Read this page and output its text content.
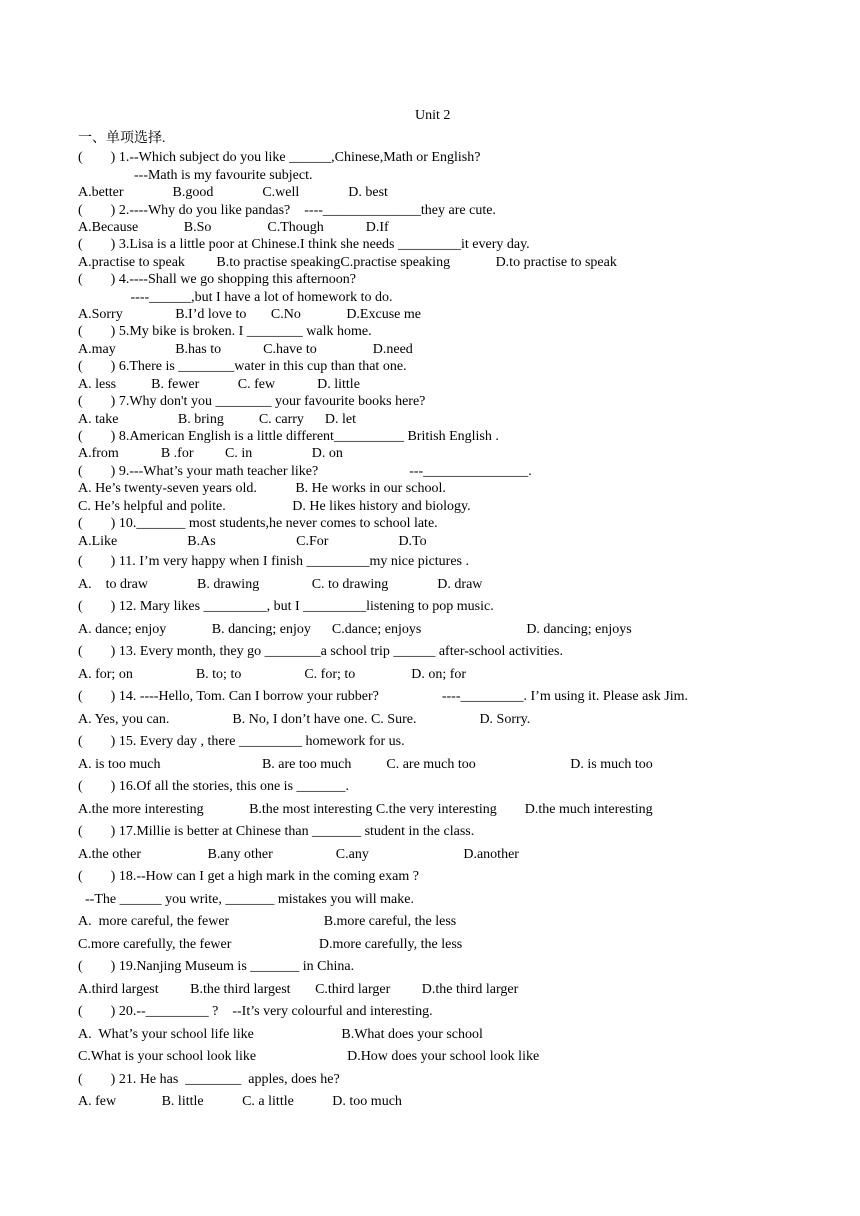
Unit 2
一、单项选择.
(        ) 1.--Which subject do you like ______,Chinese,Math or English?
---Math is my favourite subject.
A.better              B.good              C.well              D. best
(        ) 2.----Why do you like pandas?    ----______________they are cute.
A.Because             B.So                C.Though            D.If
(        ) 3.Lisa is a little poor at Chinese.I think she needs _________it every day.
A.practise to speak         B.to practise speakingC.practise speaking             D.to practise to speak
(        ) 4.----Shall we go shopping this afternoon?
----______,but I have a lot of homework to do.
A.Sorry               B.I’d love to       C.No             D.Excuse me
(        ) 5.My bike is broken. I ________ walk home.
A.may                 B.has to            C.have to                D.need
(        ) 6.There is ________water in this cup than that one.
A. less          B. fewer           C. few            D. little
(        ) 7.Why don't you ________ your favourite books here?
A. take                 B. bring          C. carry      D. let
(        ) 8.American English is a little different__________ British English .
A.from            B .for         C. in                 D. on
(        ) 9.---What’s your math teacher like?                          ---_______________.
A. He’s twenty-seven years old.           B. He works in our school.
C. He’s helpful and polite.                   D. He likes history and biology.
(        ) 10._______ most students,he never comes to school late.
A.Like                    B.As                       C.For                    D.To
(        ) 11. I’m very happy when I finish _________my nice pictures .
A.    to draw              B. drawing               C. to drawing              D. draw
(        ) 12. Mary likes _________, but I _________listening to pop music.
A. dance; enjoy             B. dancing; enjoy      C.dance; enjoys                              D. dancing; enjoys
(        ) 13. Every month, they go ________a school trip ______ after-school activities.
A. for; on                  B. to; to                  C. for; to                D. on; for
(        ) 14. ----Hello, Tom. Can I borrow your rubber?                  ----_________. I’m using it. Please ask Jim.
A. Yes, you can.                  B. No, I don’t have one. C. Sure.                  D. Sorry.
(        ) 15. Every day , there _________ homework for us.
A. is too much                             B. are too much          C. are much too                           D. is much too
(        ) 16.Of all the stories, this one is _______.
A.the more interesting             B.the most interesting C.the very interesting        D.the much interesting
(        ) 17.Millie is better at Chinese than _______ student in the class.
A.the other                   B.any other                  C.any                           D.another
(        ) 18.--How can I get a high mark in the coming exam ?
--The ______ you write, _______ mistakes you will make.
A.  more careful, the fewer                           B.more careful, the less
C.more carefully, the fewer                         D.more carefully, the less
(        ) 19.Nanjing Museum is _______ in China.
A.third largest         B.the third largest       C.third larger         D.the third larger
(        ) 20.--_________ ?    --It’s very colourful and interesting.
A.  What’s your school life like                         B.What does your school
C.What is your school look like                          D.How does your school look like
(        ) 21. He has  ________  apples, does he?
A. few             B. little           C. a little           D. too much
